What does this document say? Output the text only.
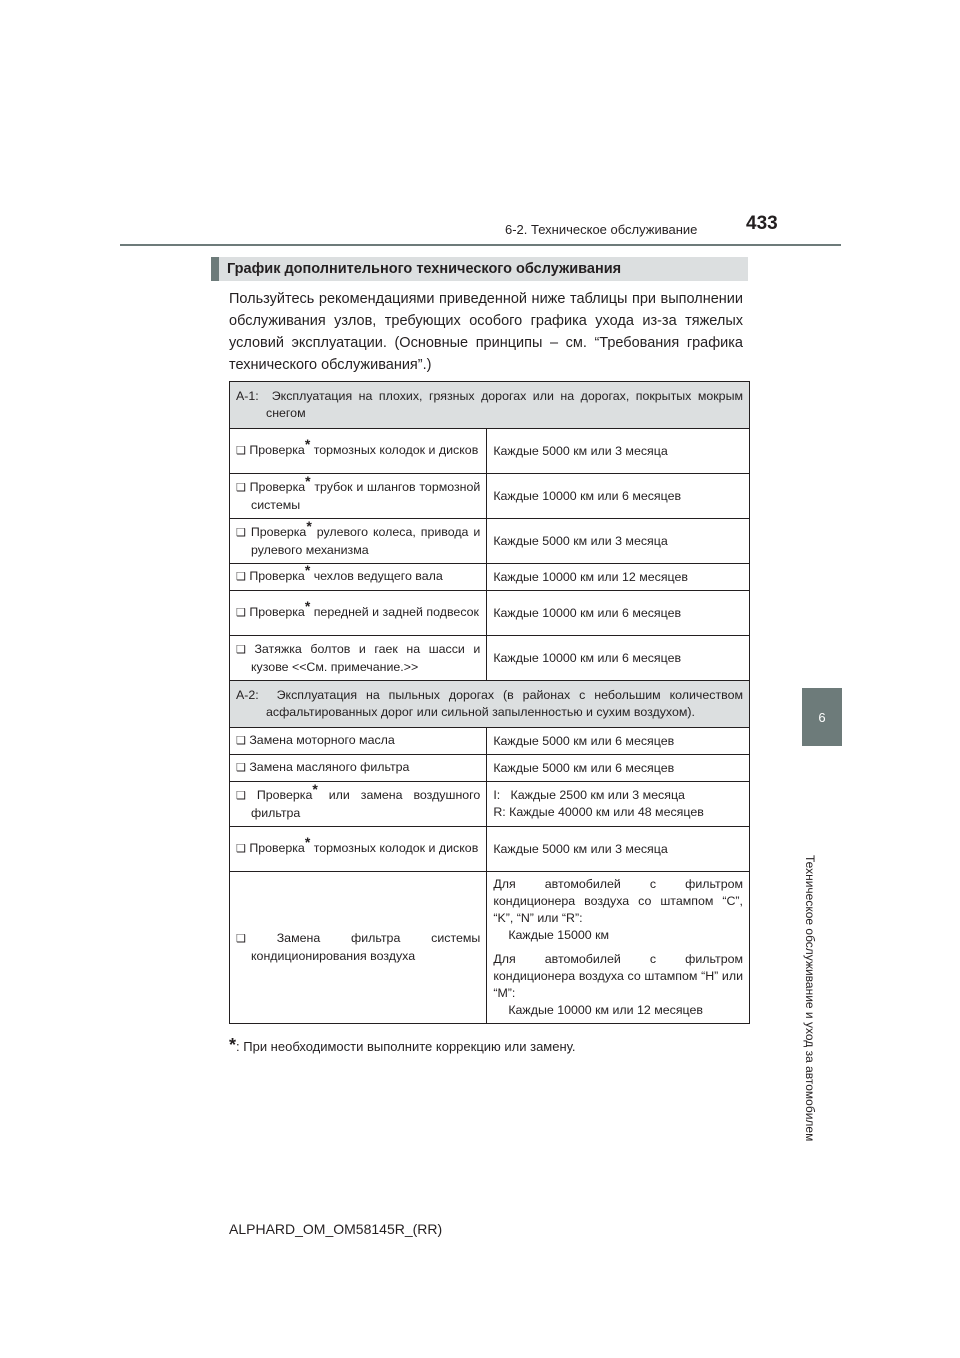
6-2. Техническое обслуживание	433
6
Техническое обслуживание и уход за автомобилем
График дополнительного технического обслуживания
Пользуйтесь рекомендациями приведенной ниже таблицы при выполнении обслуживания узлов, требующих особого графика ухода из-за тяжелых условий эксплуатации. (Основные принципы – см. “Требования графика технического обслуживания”.)
A-1: Эксплуатация на плохих, грязных дорогах или на дорогах, покрытых мокрым снегом	

❑ Проверка* тормозных колодок и дисков	Каждые 5000 км или 3 месяца

❑ Проверка* трубок и шлангов тормозной системы	Каждые 10000 км или 6 месяцев

❑ Проверка* рулевого колеса, привода и рулевого механизма	Каждые 5000 км или 3 месяца

❑ Проверка* чехлов ведущего вала	Каждые 10000 км или 12 месяцев

❑ Проверка* передней и задней подвесок	Каждые 10000 км или 6 месяцев

❑ Затяжка болтов и гаек на шасси и кузове <<См. примечание.>>	Каждые 10000 км или 6 месяцев

A-2: Эксплуатация на пыльных дорогах (в районах с небольшим количеством асфальтированных дорог или сильной запыленностью и сухим воздухом).	

❑ Замена моторного масла	Каждые 5000 км или 6 месяцев

❑ Замена масляного фильтра	Каждые 5000 км или 6 месяцев

❑ Проверка* или замена воздушного фильтра	I:   Каждые 2500 км или 3 месяца
R: Каждые 40000 км или 48 месяцев

❑ Проверка* тормозных колодок и дисков	Каждые 5000 км или 3 месяца

❑ Замена фильтра системы кондиционирования воздуха	Для автомобилей с фильтром кондиционера воздуха со штампом “C”, “K”, “N” или “R”:
Каждые 15000 км
Для автомобилей с фильтром кондиционера воздуха со штампом “H” или “M”:
Каждые 10000 км или 12 месяцев
*: При необходимости выполните коррекцию или замену.
ALPHARD_OM_OM58145R_(RR)
